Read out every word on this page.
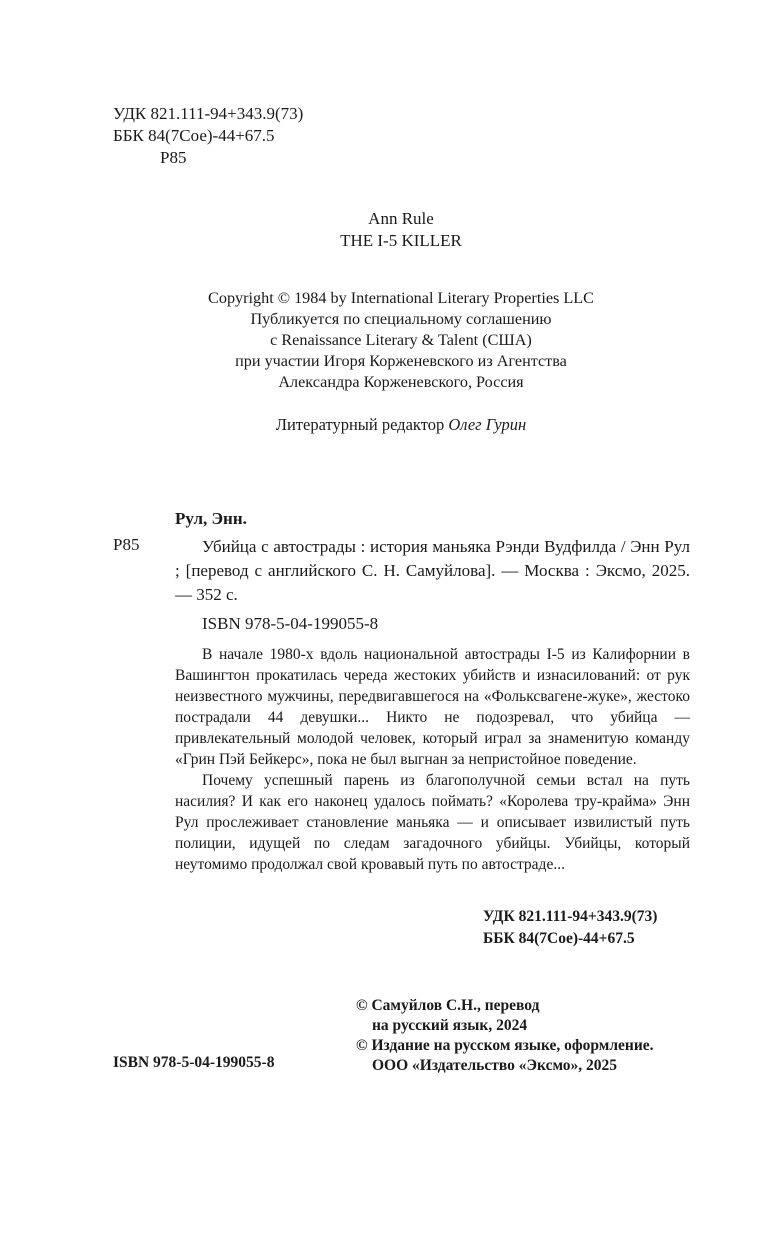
УДК 821.111-94+343.9(73)
ББК 84(7Сое)-44+67.5
Р85
Ann Rule
THE I-5 KILLER
Copyright © 1984 by International Literary Properties LLC
Публикуется по специальному соглашению
с Renaissance Literary & Talent (США)
при участии Игоря Корженевского из Агентства
Александра Корженевского, Россия
Литературный редактор Олег Гурин
Рул, Энн.
Р85	Убийца с автострады : история маньяка Рэнди Вудфилда / Энн Рул ; [перевод с английского С. Н. Самуйлова]. — Москва : Эксмо, 2025. — 352 с.
ISBN 978-5-04-199055-8

В начале 1980-х вдоль национальной автострады I-5 из Калифорнии в Вашингтон прокатилась череда жестоких убийств и изнасилований: от рук неизвестного мужчины, передвигавшегося на «Фольксвагене-жуке», жестоко пострадали 44 девушки... Никто не подозревал, что убийца — привлекательный молодой человек, который играл за знаменитую команду «Грин Пэй Бейкерс», пока не был выгнан за непристойное поведение.

Почему успешный парень из благополучной семьи встал на путь насилия? И как его наконец удалось поймать? «Королева тру-крайма» Энн Рул прослеживает становление маньяка — и описывает извилистый путь полиции, идущей по следам загадочного убийцы. Убийцы, который неутомимо продолжал свой кровавый путь по автостраде...

УДК 821.111-94+343.9(73)
ББК 84(7Сое)-44+67.5
ISBN 978-5-04-199055-8
© Самуйлов С.Н., перевод
на русский язык, 2024
© Издание на русском языке, оформление.
ООО «Издательство «Эксмо», 2025
